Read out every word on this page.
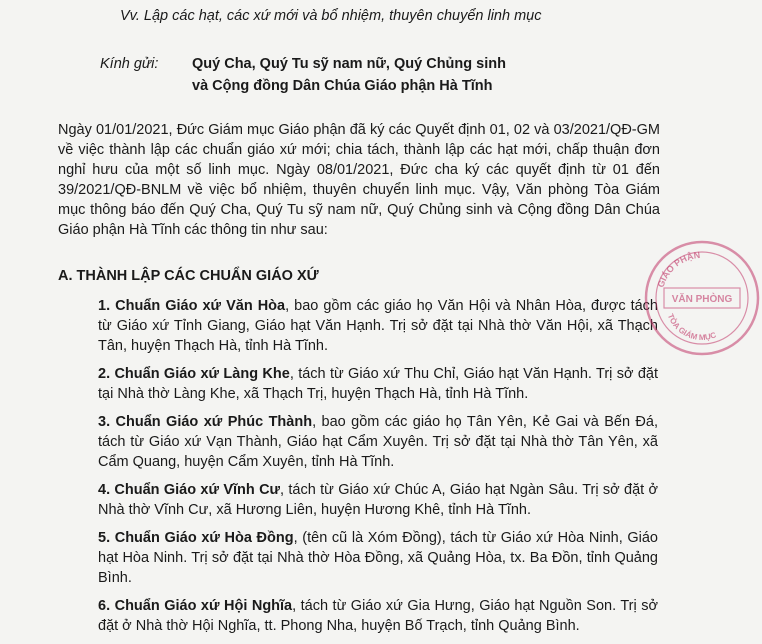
Vv. Lập các hạt, các xứ mới và bổ nhiệm, thuyên chuyển linh mục
Kính gửi: Quý Cha, Quý Tu sỹ nam nữ, Quý Chủng sinh
và Cộng đồng Dân Chúa Giáo phận Hà Tĩnh
Ngày 01/01/2021, Đức Giám mục Giáo phận đã ký các Quyết định 01, 02 và 03/2021/QĐ-GM về việc thành lập các chuẩn giáo xứ mới; chia tách, thành lập các hạt mới, chấp thuận đơn nghỉ hưu của một số linh mục. Ngày 08/01/2021, Đức cha ký các quyết định từ 01 đến 39/2021/QĐ-BNLM về việc bổ nhiệm, thuyên chuyển linh mục. Vậy, Văn phòng Tòa Giám mục thông báo đến Quý Cha, Quý Tu sỹ nam nữ, Quý Chủng sinh và Cộng đồng Dân Chúa Giáo phận Hà Tĩnh các thông tin như sau:
A. THÀNH LẬP CÁC CHUẨN GIÁO XỨ
1. Chuẩn Giáo xứ Văn Hòa, bao gồm các giáo họ Văn Hội và Nhân Hòa, được tách từ Giáo xứ Tỉnh Giang, Giáo hạt Văn Hạnh. Trị sở đặt tại Nhà thờ Văn Hội, xã Thạch Tân, huyện Thạch Hà, tỉnh Hà Tĩnh.
2. Chuẩn Giáo xứ Làng Khe, tách từ Giáo xứ Thu Chỉ, Giáo hạt Văn Hạnh. Trị sở đặt tại Nhà thờ Làng Khe, xã Thạch Trị, huyện Thạch Hà, tỉnh Hà Tĩnh.
3. Chuẩn Giáo xứ Phúc Thành, bao gồm các giáo họ Tân Yên, Kẻ Gai và Bến Đá, tách từ Giáo xứ Vạn Thành, Giáo hạt Cẩm Xuyên. Trị sở đặt tại Nhà thờ Tân Yên, xã Cẩm Quang, huyện Cẩm Xuyên, tỉnh Hà Tĩnh.
4. Chuẩn Giáo xứ Vĩnh Cư, tách từ Giáo xứ Chúc A, Giáo hạt Ngàn Sâu. Trị sở đặt ở Nhà thờ Vĩnh Cư, xã Hương Liên, huyện Hương Khê, tỉnh Hà Tĩnh.
5. Chuẩn Giáo xứ Hòa Đồng, (tên cũ là Xóm Đồng), tách từ Giáo xứ Hòa Ninh, Giáo hạt Hòa Ninh. Trị sở đặt tại Nhà thờ Hòa Đồng, xã Quảng Hòa, tx. Ba Đồn, tỉnh Quảng Bình.
6. Chuẩn Giáo xứ Hội Nghĩa, tách từ Giáo xứ Gia Hưng, Giáo hạt Nguồn Son. Trị sở đặt ở Nhà thờ Hội Nghĩa, tt. Phong Nha, huyện Bố Trạch, tỉnh Quảng Bình.
GIÁO PHẬN
VĂN PHÒNG
TÒA GIÁM MỤC
